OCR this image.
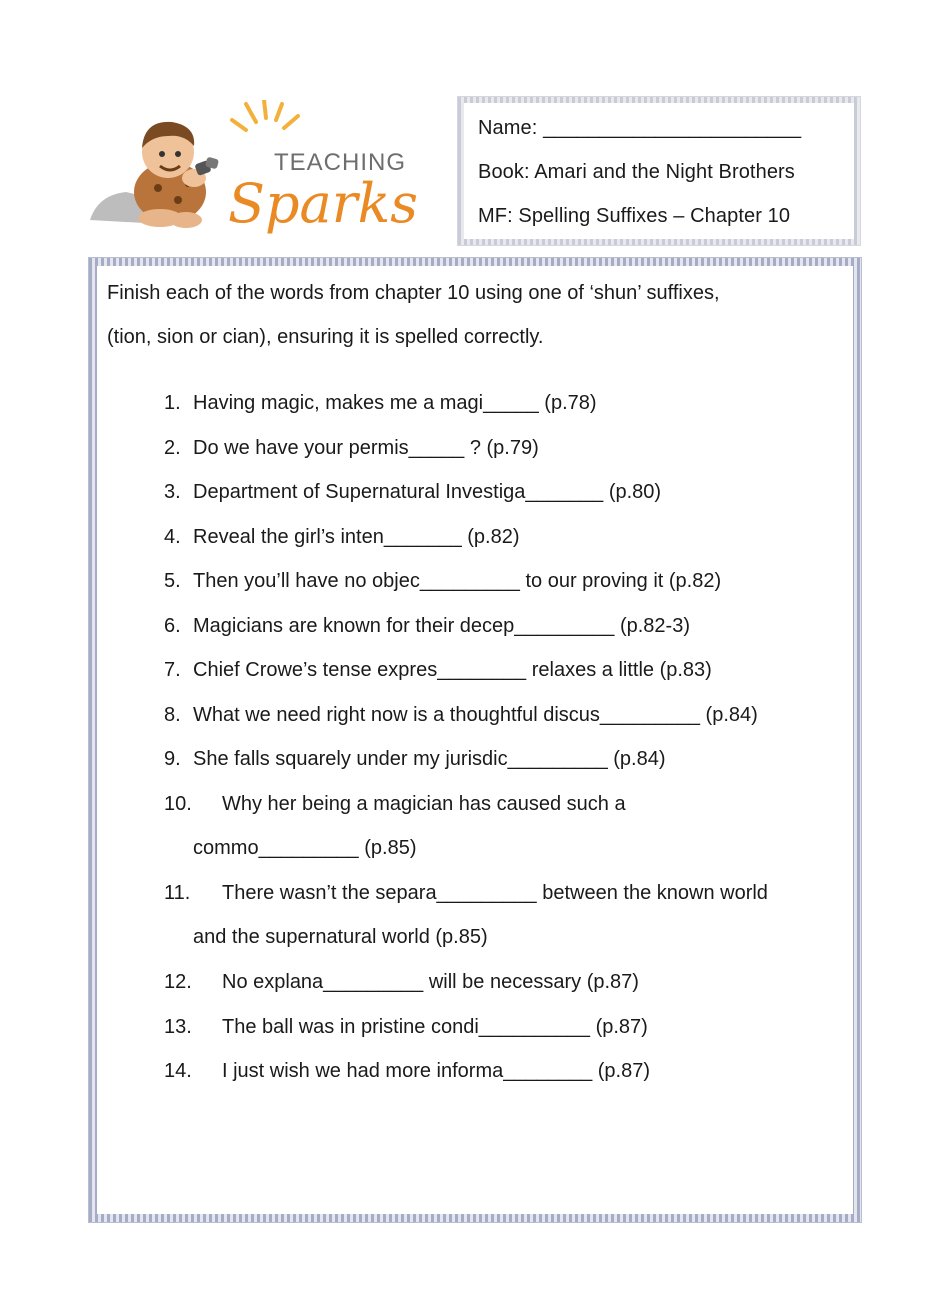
TEACHING
Sparks
Name: _______________________
Book: Amari and the Night Brothers
MF: Spelling Suffixes – Chapter 10
Finish each of the words from chapter 10 using one of ‘shun’ suffixes,
(tion, sion or cian), ensuring it is spelled correctly.
1. Having magic, makes me a magi_____ (p.78)
2. Do we have your permis_____ ? (p.79)
3. Department of Supernatural Investiga_______ (p.80)
4. Reveal the girl’s inten_______ (p.82)
5. Then you’ll have no objec_________ to our proving it (p.82)
6. Magicians are known for their decep_________ (p.82-3)
7. Chief Crowe’s tense expres________ relaxes a little (p.83)
8. What we need right now is a thoughtful discus_________ (p.84)
9. She falls squarely under my jurisdic_________ (p.84)
10. Why her being a magician has caused such a
commo_________ (p.85)
11. There wasn’t the separa_________ between the known world
and the supernatural world (p.85)
12. No explana_________ will be necessary (p.87)
13. The ball was in pristine condi__________ (p.87)
14. I just wish we had more informa________ (p.87)
